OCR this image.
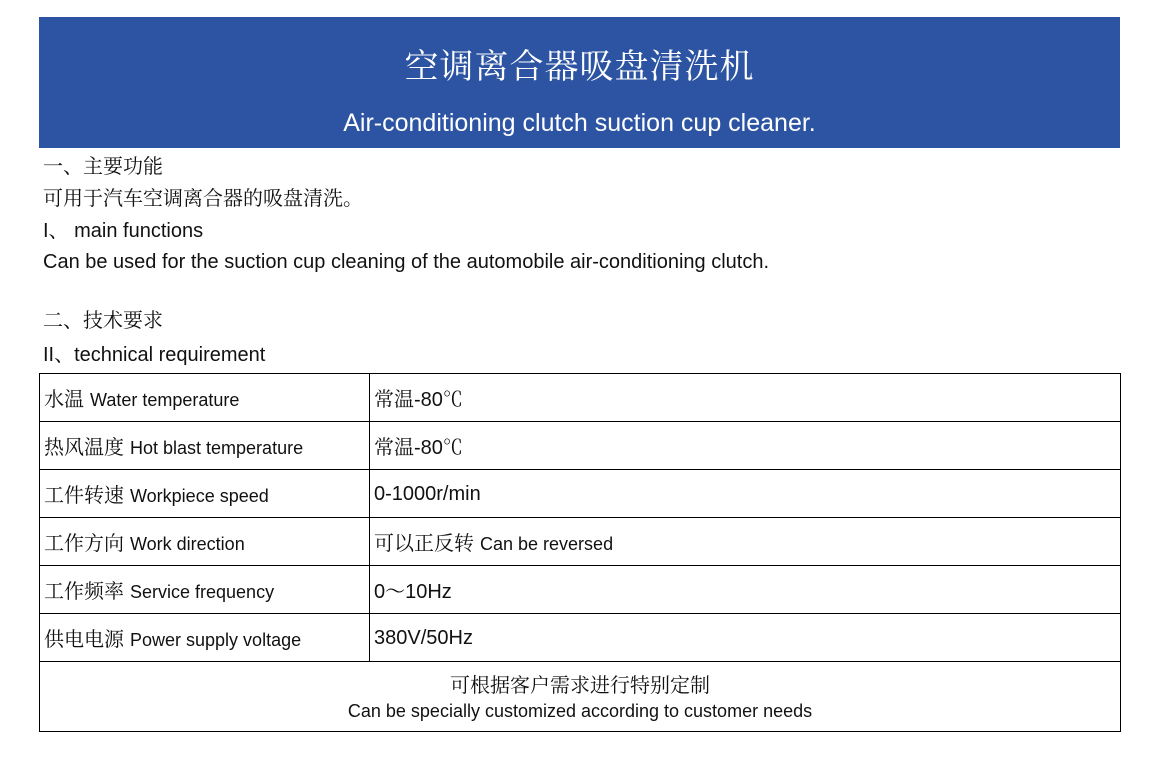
空调离合器吸盘清洗机
Air-conditioning clutch suction cup cleaner.
一、主要功能
可用于汽车空调离合器的吸盘清洗。
I、 main functions
Can be used for the suction cup cleaning of the automobile air-conditioning clutch.
二、技术要求
II、technical requirement
水温 Water temperature	常温-80℃
热风温度 Hot blast temperature	常温-80℃
工件转速 Workpiece speed	0-1000r/min
工作方向 Work direction	可以正反转 Can be reversed
工作频率 Service frequency	0～10Hz
供电电源 Power supply voltage	380V/50Hz

可根据客户需求进行特别定制
Can be specially customized according to customer needs	
